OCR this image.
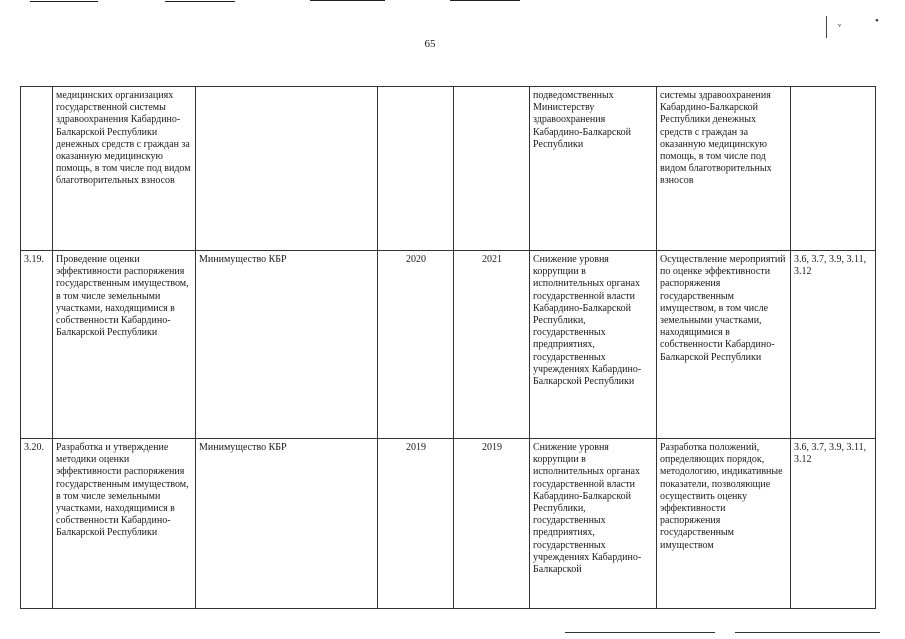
ᵥ	•
65
	медицинских организациях государственной системы здравоохранения Кабардино-Балкарской Республики денежных средств с граждан за оказанную медицинскую помощь, в том числе под видом благотворительных взносов				подведомственных Министерству здравоохранения Кабардино-Балкарской Республики	системы здравоохранения Кабардино-Балкарской Республики денежных средств с граждан за оказанную медицинскую помощь, в том числе под видом благотворительных взносов	
3.19.	Проведение оценки эффективности распоряжения государственным имуществом, в том числе земельными участками, находящимися в собственности Кабардино-Балкарской Республики	Минимущество КБР	2020	2021	Снижение уровня коррупции в исполнительных органах государственной власти Кабардино-Балкарской Республики, государственных предприятиях, государственных учреждениях Кабардино-Балкарской Республики	Осуществление мероприятий по оценке эффективности распоряжения государственным имуществом, в том числе земельными участками, находящимися в собственности Кабардино-Балкарской Республики	3.6, 3.7, 3.9, 3.11, 3.12
3.20.	Разработка и утверждение методики оценки эффективности распоряжения государственным имуществом, в том числе земельными участками, находящимися в собственности Кабардино-Балкарской Республики	Минимущество КБР	2019	2019	Снижение уровня коррупции в исполнительных органах государственной власти Кабардино-Балкарской Республики, государственных предприятиях, государственных учреждениях Кабардино-Балкарской	Разработка положений, определяющих порядок, методологию, индикативные показатели, позволяющие осуществить оценку эффективности распоряжения государственным имуществом	3.6, 3.7, 3.9, 3.11, 3.12
